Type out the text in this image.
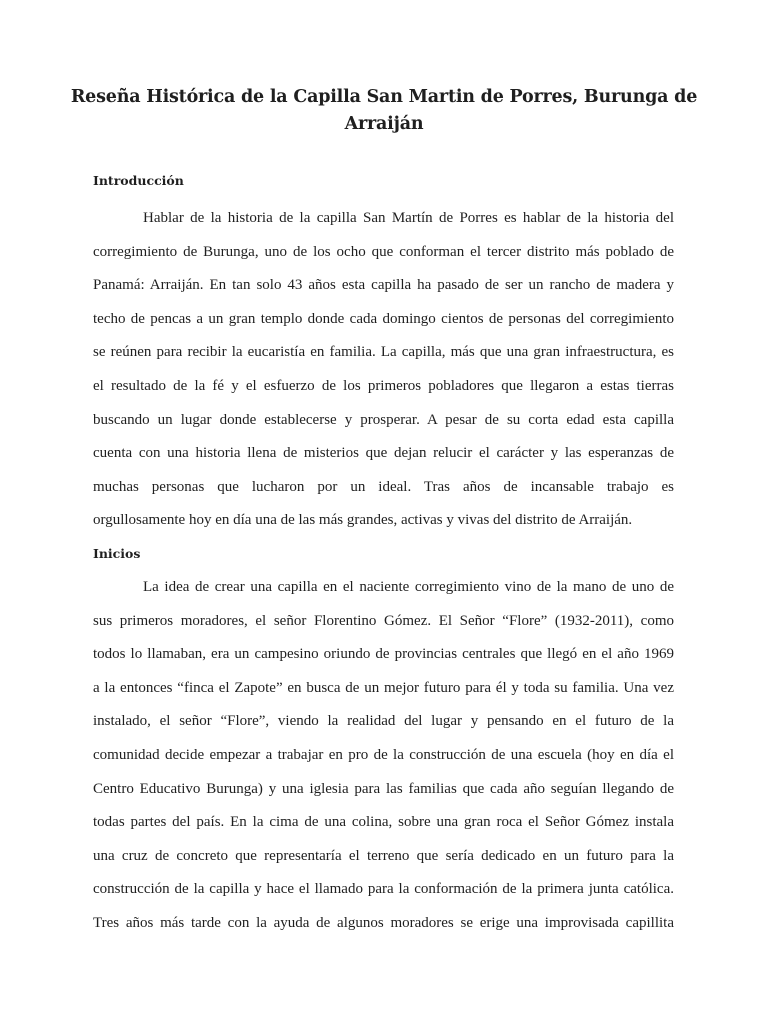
Reseña Histórica de la Capilla San Martin de Porres, Burunga de Arraiján
Introducción
Hablar de la historia de la capilla San Martín de Porres es hablar de la historia del
corregimiento de Burunga, uno de los ocho que conforman el tercer distrito más poblado de
Panamá: Arraiján. En tan solo 43 años esta capilla ha pasado de ser un rancho de madera y
techo de pencas a un gran templo donde cada domingo cientos de personas del corregimiento
se reúnen para recibir la eucaristía en familia. La capilla, más que una gran infraestructura, es
el resultado de la fé y el esfuerzo de los primeros pobladores que llegaron a estas tierras
buscando un lugar donde establecerse y prosperar. A pesar de su corta edad esta capilla
cuenta con una historia llena de misterios que dejan relucir el carácter y las esperanzas de
muchas personas que lucharon por un ideal. Tras años de incansable trabajo es
orgullosamente hoy en día una de las más grandes, activas y vivas del distrito de Arraiján.
Inicios
La idea de crear una capilla en el naciente corregimiento vino de la mano de uno de
sus primeros moradores, el señor Florentino Gómez. El Señor “Flore” (1932-2011), como
todos lo llamaban, era un campesino oriundo de provincias centrales que llegó en el año 1969
a la entonces “finca el Zapote” en busca de un mejor futuro para él y toda su familia. Una vez
instalado, el señor “Flore”, viendo la realidad del lugar y pensando en el futuro de la
comunidad decide empezar a trabajar en pro de la construcción de una escuela (hoy en día el
Centro Educativo Burunga) y una iglesia para las familias que cada año seguían llegando de
todas partes del país. En la cima de una colina, sobre una gran roca el Señor Gómez instala
una cruz de concreto que representaría el terreno que sería dedicado en un futuro para la
construcción de la capilla y hace el llamado para la conformación de la primera junta católica.
Tres años más tarde con la ayuda de algunos moradores se erige una improvisada capillita
